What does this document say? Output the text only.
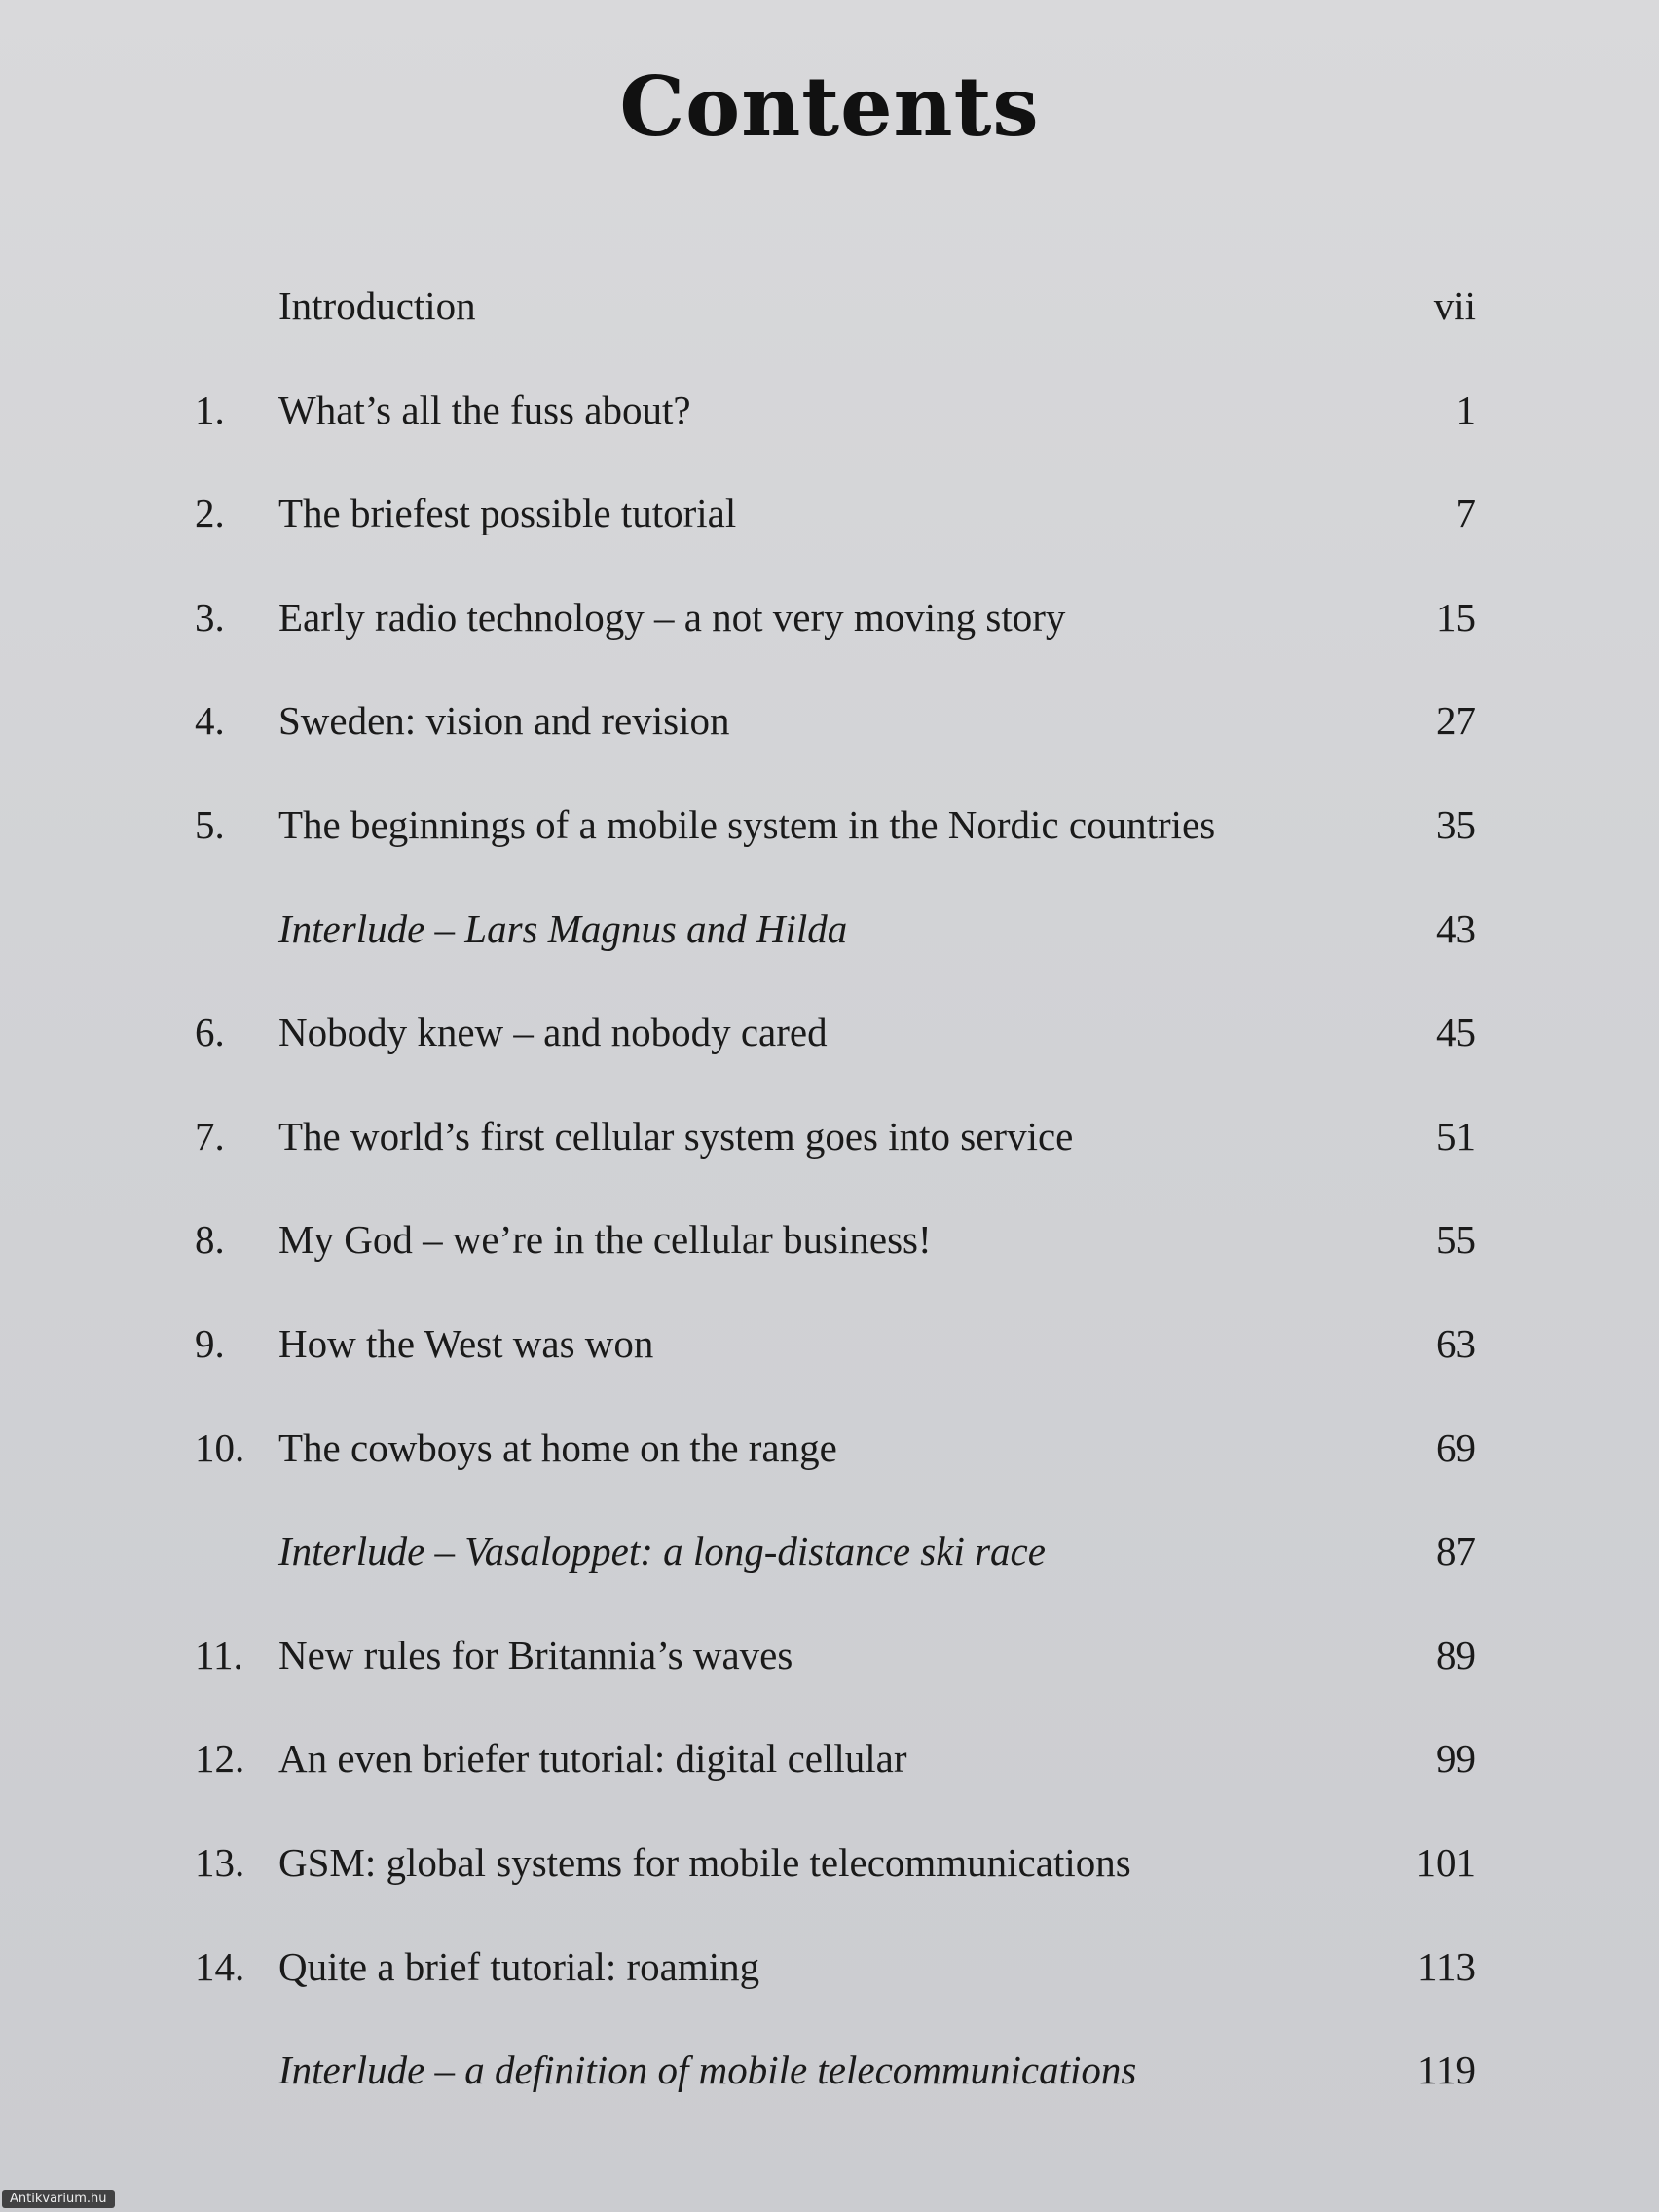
Contents
Introduction	vii
1.	What’s all the fuss about?	1
2.	The briefest possible tutorial	7
3.	Early radio technology – a not very moving story	15
4.	Sweden: vision and revision	27
5.	The beginnings of a mobile system in the Nordic countries	35
Interlude – Lars Magnus and Hilda	43
6.	Nobody knew – and nobody cared	45
7.	The world’s first cellular system goes into service	51
8.	My God – we’re in the cellular business!	55
9.	How the West was won	63
10. The cowboys at home on the range	69
Interlude – Vasaloppet: a long-distance ski race	87
11. New rules for Britannia’s waves	89
12. An even briefer tutorial: digital cellular	99
13. GSM: global systems for mobile telecommunications	101
14. Quite a brief tutorial: roaming	113
Interlude – a definition of mobile telecommunications	119
Antikvarium.hu
